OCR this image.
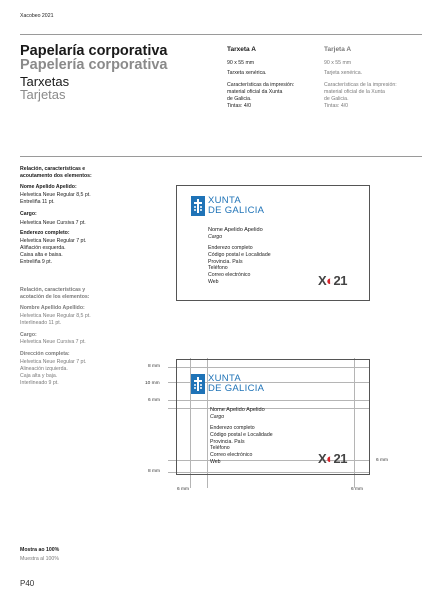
Xacobeo 2021
Papelaría corporativa
Papelería corporativa
Tarxetas
Tarjetas
Tarxeta A
90 x 55 mm
Tarxeta xenérica.
Características da impresión:
material oficial da Xunta
de Galicia.
Tintas: 4/0
Tarjeta A
90 x 55 mm
Tarjeta xenérica.
Características de la impresión:
material oficial de la Xunta
de Galicia.
Tintas: 4/0
Relación, características e
acoutamento dos elementos:
Nome Apelido Apelido:
Helvetica Neue Regular 8,5 pt.
Entreliña 11 pt.
Cargo:
Helvetica Neue Cursiva 7 pt.
Enderezo completo:
Helvetica Neue Regular 7 pt.
Aliñación esquerda.
Caixa alta e baixa.
Entreliña 9 pt.
Relación, características y
acotación de los elementos:
Nombre Apellido Apellido:
Helvetica Neue Regular 8,5 pt.
Interlineado 11 pt.
Cargo:
Helvetica Neue Cursiva 7 pt.
Dirección completa:
Helvetica Neue Regular 7 pt.
Alineación izquierda.
Caja alta y baja.
Interlineado 9 pt.
XUNTA
DE GALICIA
Nome Apelido Apelido
Cargo
Enderezo completo
Código postal e Localidade
Provincia. País
Teléfono
Correo electrónico
Web	X◐21
XUNTA
DE GALICIA
Nome Apelido Apelido
Cargo
Enderezo completo
Código postal e Localidade
Provincia. País
Teléfono
Correo electrónico
Web	X◐21
8 mm
10 mm
6 mm
8 mm
6 mm	6 mm
6 mm
Mostra ao 100%
Muestra al 100%
P40
